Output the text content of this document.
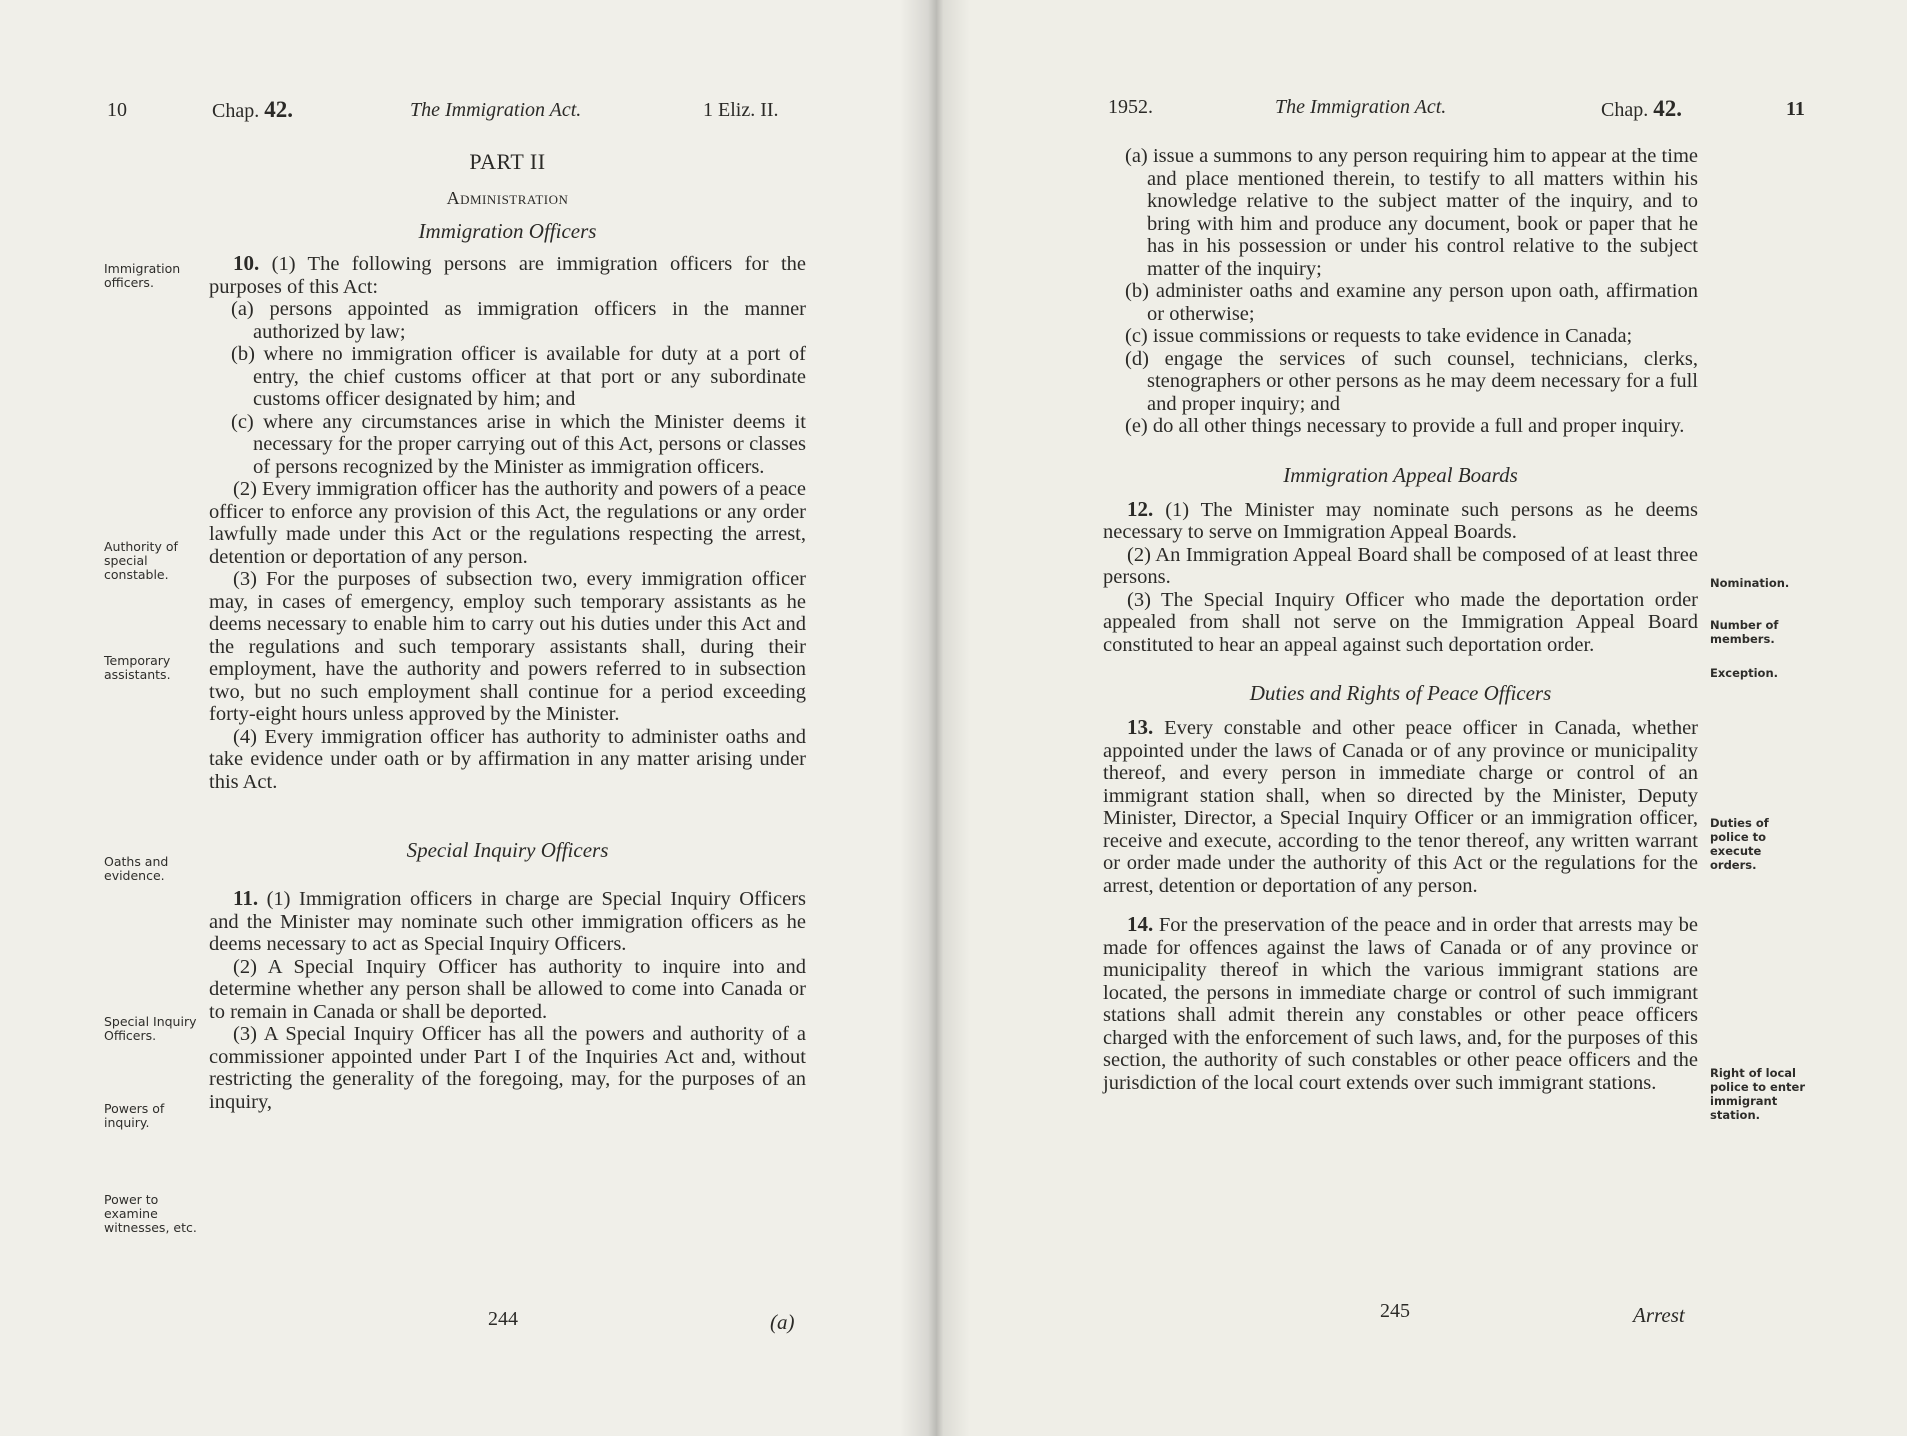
10	Chap. 42.	The Immigration Act.	1 Eliz. II.
PART II
Administration
Immigration Officers

10. (1) The following persons are immigration officers for the purposes of this Act:

(a) persons appointed as immigration officers in the manner authorized by law;

(b) where no immigration officer is available for duty at a port of entry, the chief customs officer at that port or any subordinate customs officer designated by him; and

(c) where any circumstances arise in which the Minister deems it necessary for the proper carrying out of this Act, persons or classes of persons recognized by the Minister as immigration officers.

(2) Every immigration officer has the authority and powers of a peace officer to enforce any provision of this Act, the regulations or any order lawfully made under this Act or the regulations respecting the arrest, detention or deportation of any person.

(3) For the purposes of subsection two, every immigration officer may, in cases of emergency, employ such temporary assistants as he deems necessary to enable him to carry out his duties under this Act and the regulations and such temporary assistants shall, during their employment, have the authority and powers referred to in subsection two, but no such employment shall continue for a period exceeding forty-eight hours unless approved by the Minister.

(4) Every immigration officer has authority to administer oaths and take evidence under oath or by affirmation in any matter arising under this Act.

Special Inquiry Officers

11. (1) Immigration officers in charge are Special Inquiry Officers and the Minister may nominate such other immigration officers as he deems necessary to act as Special Inquiry Officers.

(2) A Special Inquiry Officer has authority to inquire into and determine whether any person shall be allowed to come into Canada or to remain in Canada or shall be deported.

(3) A Special Inquiry Officer has all the powers and authority of a commissioner appointed under Part I of the Inquiries Act and, without restricting the generality of the foregoing, may, for the purposes of an inquiry,

Immigration officers.
Authority of special constable.
Temporary assistants.
Oaths and evidence.
Special Inquiry Officers.
Powers of inquiry.
Power to examine witnesses, etc.
244	(a)
1952.	The Immigration Act.	Chap. 42.	11

(a) issue a summons to any person requiring him to appear at the time and place mentioned therein, to testify to all matters within his knowledge relative to the subject matter of the inquiry, and to bring with him and produce any document, book or paper that he has in his possession or under his control relative to the subject matter of the inquiry;

(b) administer oaths and examine any person upon oath, affirmation or otherwise;

(c) issue commissions or requests to take evidence in Canada;

(d) engage the services of such counsel, technicians, clerks, stenographers or other persons as he may deem necessary for a full and proper inquiry; and

(e) do all other things necessary to provide a full and proper inquiry.

Immigration Appeal Boards

12. (1) The Minister may nominate such persons as he deems necessary to serve on Immigration Appeal Boards.

(2) An Immigration Appeal Board shall be composed of at least three persons.

(3) The Special Inquiry Officer who made the deportation order appealed from shall not serve on the Immigration Appeal Board constituted to hear an appeal against such deportation order.

Duties and Rights of Peace Officers

13. Every constable and other peace officer in Canada, whether appointed under the laws of Canada or of any province or municipality thereof, and every person in immediate charge or control of an immigrant station shall, when so directed by the Minister, Deputy Minister, Director, a Special Inquiry Officer or an immigration officer, receive and execute, according to the tenor thereof, any written warrant or order made under the authority of this Act or the regulations for the arrest, detention or deportation of any person.

14. For the preservation of the peace and in order that arrests may be made for offences against the laws of Canada or of any province or municipality thereof in which the various immigrant stations are located, the persons in immediate charge or control of such immigrant stations shall admit therein any constables or other peace officers charged with the enforcement of such laws, and, for the purposes of this section, the authority of such constables or other peace officers and the jurisdiction of the local court extends over such immigrant stations.

Nomination.
Number of members.
Exception.
Duties of police to execute orders.
Right of local police to enter immigrant station.
245	Arrest
